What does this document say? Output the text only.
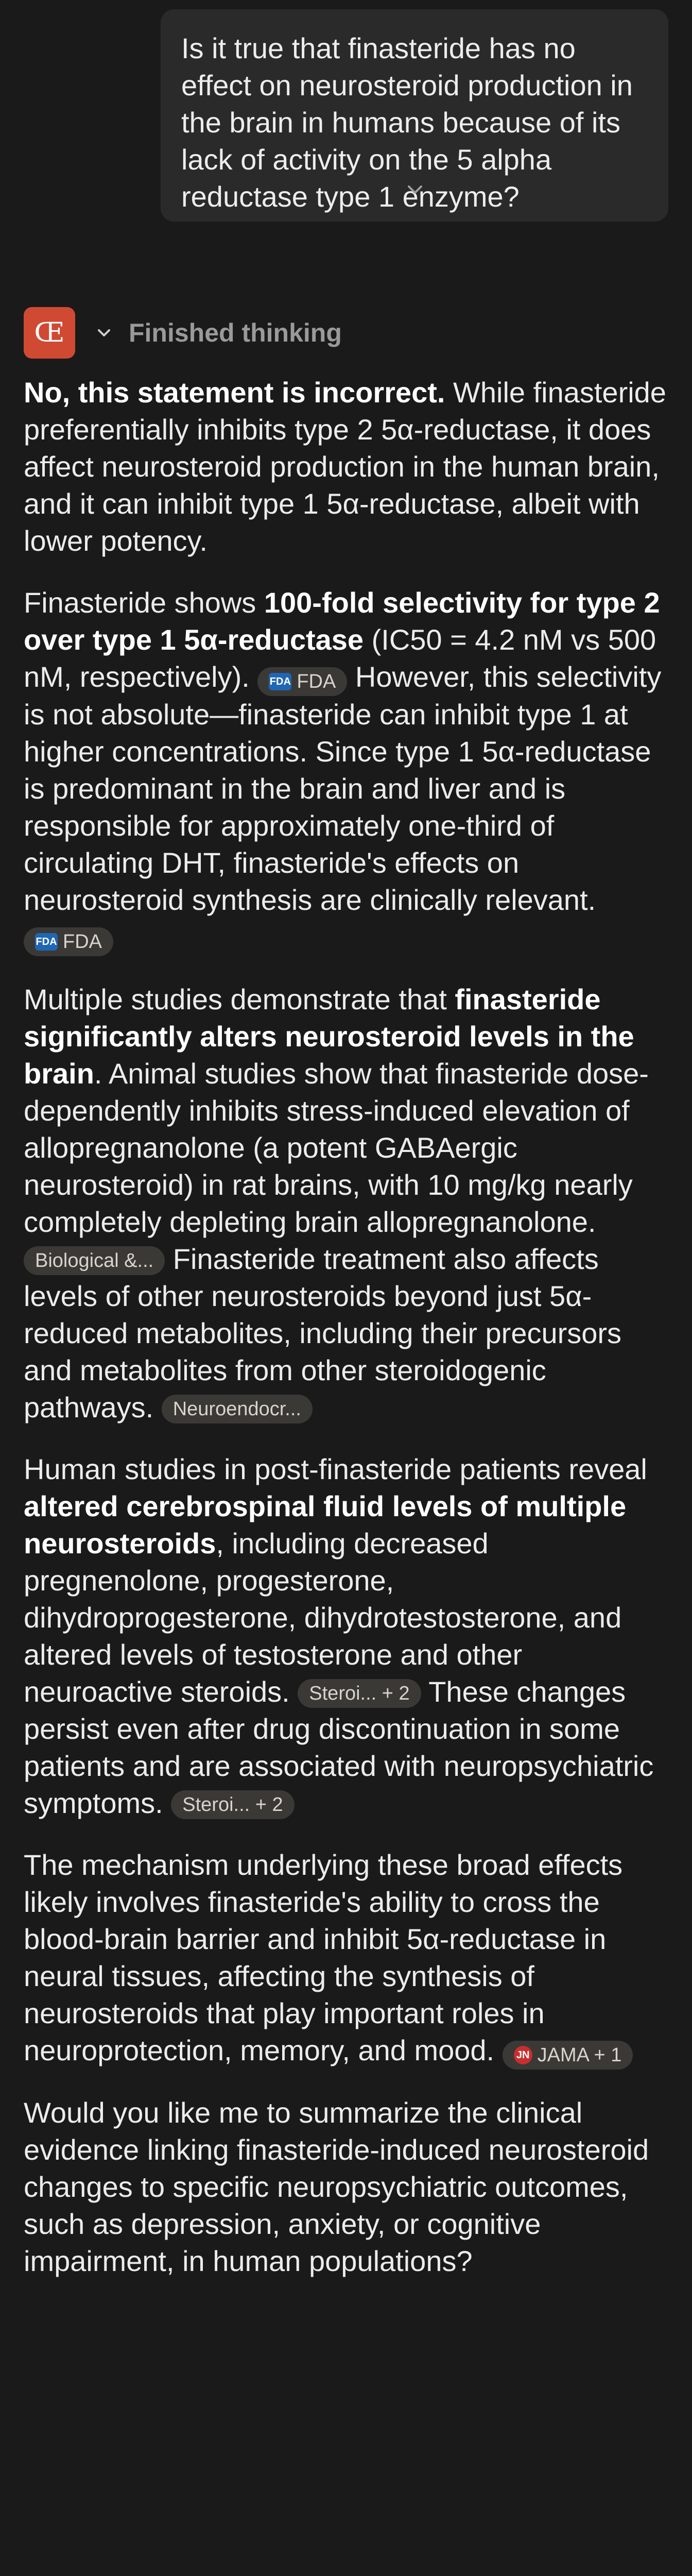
Is it true that finasteride has no effect on neurosteroid production in the brain in humans because of its lack of activity on the 5 alpha reductase type 1 enzyme?
Œ	Finished thinking

No, this statement is incorrect. While finasteride preferentially inhibits type 2 5α-reductase, it does affect neurosteroid production in the human brain, and it can inhibit type 1 5α-reductase, albeit with lower potency.

Finasteride shows 100-fold selectivity for type 2 over type 1 5α-reductase (IC50 = 4.2 nM vs 500 nM, respectively). FDA FDA However, this selectivity is not absolute—finasteride can inhibit type 1 at higher concentrations. Since type 1 5α-reductase is predominant in the brain and liver and is responsible for approximately one-third of circulating DHT, finasteride's effects on neurosteroid synthesis are clinically relevant.
FDA FDA

Multiple studies demonstrate that finasteride significantly alters neurosteroid levels in the brain. Animal studies show that finasteride dose-dependently inhibits stress-induced elevation of allopregnanolone (a potent GABAergic neurosteroid) in rat brains, with 10 mg/kg nearly completely depleting brain allopregnanolone.
Biological &... Finasteride treatment also affects levels of other neurosteroids beyond just 5α-reduced metabolites, including their precursors and metabolites from other steroidogenic pathways. Neuroendocr...

Human studies in post-finasteride patients reveal altered cerebrospinal fluid levels of multiple neurosteroids, including decreased pregnenolone, progesterone, dihydroprogesterone, dihydrotestosterone, and altered levels of testosterone and other neuroactive steroids. Steroi... + 2 These changes persist even after drug discontinuation in some patients and are associated with neuropsychiatric symptoms. Steroi... + 2

The mechanism underlying these broad effects likely involves finasteride's ability to cross the blood-brain barrier and inhibit 5α-reductase in neural tissues, affecting the synthesis of neurosteroids that play important roles in neuroprotection, memory, and mood. JN JAMA + 1

Would you like me to summarize the clinical evidence linking finasteride-induced neurosteroid changes to specific neuropsychiatric outcomes, such as depression, anxiety, or cognitive impairment, in human populations?
